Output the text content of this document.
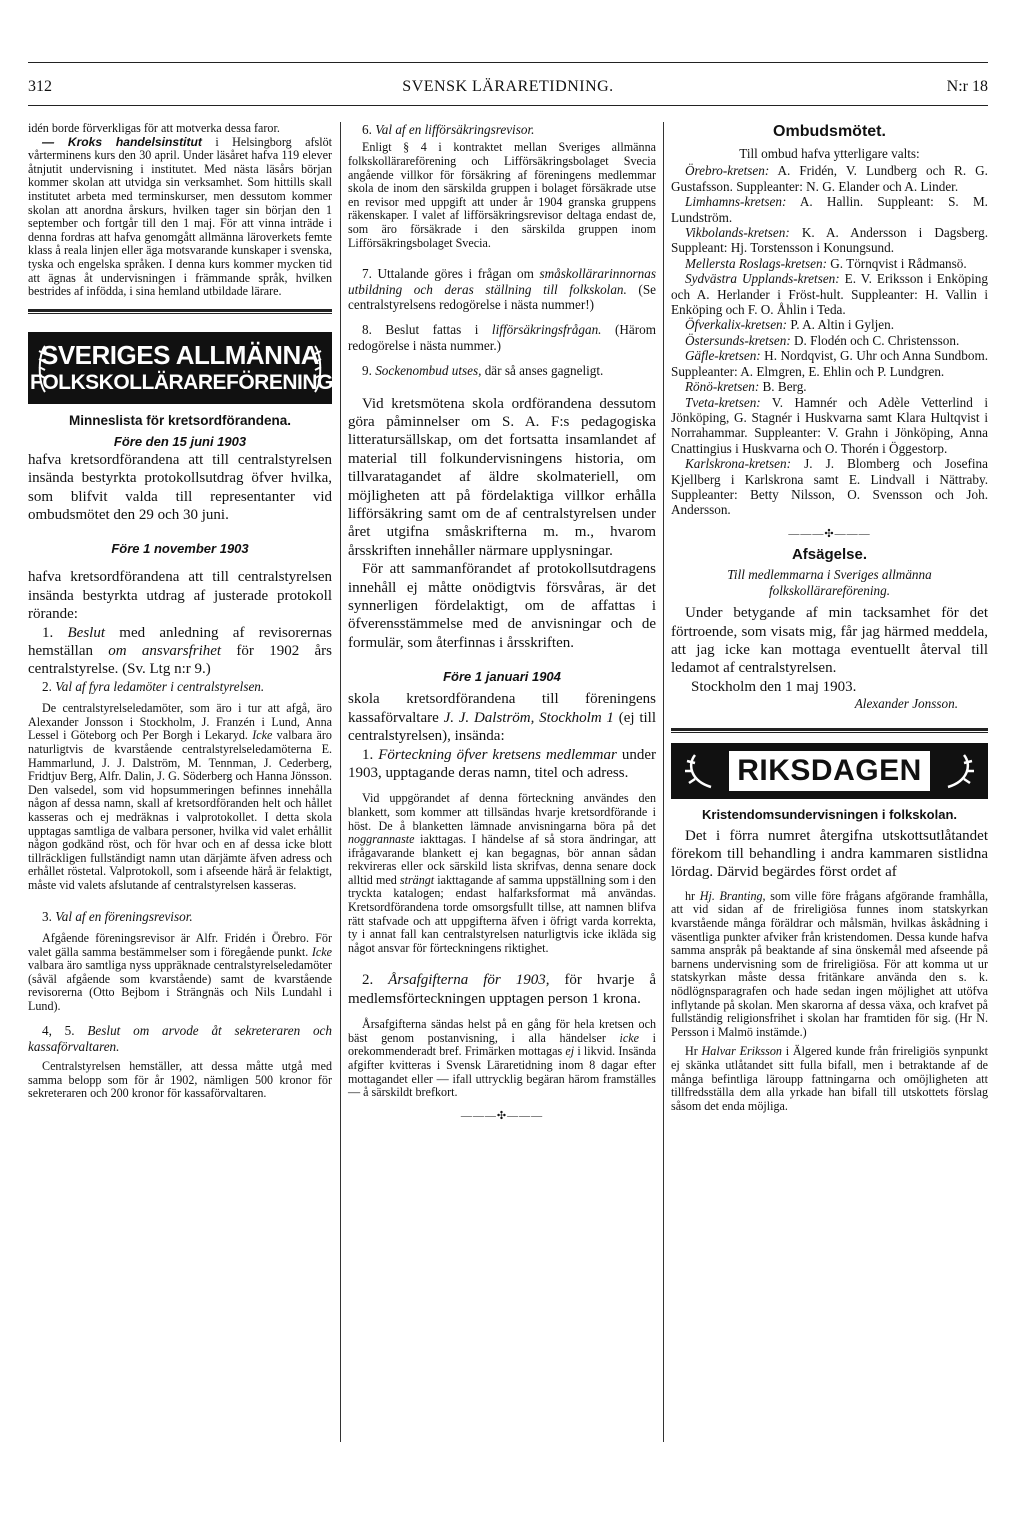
312	SVENSK LÄRARETIDNING.	N:r 18

idén borde förverkligas för att motverka dessa faror.

— Kroks handelsinstitut i Helsingborg afslöt vårterminens kurs den 30 april. Under läsåret hafva 119 elever åtnjutit undervisning i institutet. Med nästa läsårs början kommer skolan att utvidga sin verksamhet. Som hittills skall institutet arbeta med terminskurser, men dessutom kommer skolan att anordna årskurs, hvilken tager sin början den 1 september och fortgår till den 1 maj. För att vinna inträde i denna fordras att hafva genomgått allmänna läroverkets femte klass å reala linjen eller äga motsvarande kunskaper i svenska, tyska och engelska språken. I denna kurs kommer mycken tid att ägnas åt undervisningen i främmande språk, hvilken bestrides af infödda, i sina hemland utbildade lärare.

SVERIGES ALLMÄNNA
FOLKSKOLLÄRAREFÖRENING

Minneslista för kretsordförandena.

Före den 15 juni 1903

hafva kretsordförandena att till centralstyrelsen insända bestyrkta protokollsutdrag öfver hvilka, som blifvit valda till representanter vid ombudsmötet den 29 och 30 juni.

Före 1 november 1903

hafva kretsordförandena att till centralstyrelsen insända bestyrkta utdrag af justerade protokoll rörande:

1. Beslut med anledning af revisorernas hemställan om ansvarsfrihet för 1902 års centralstyrelse. (Sv. Ltg n:r 9.)

2. Val af fyra ledamöter i centralstyrelsen.

De centralstyrelseledamöter, som äro i tur att afgå, äro Alexander Jonsson i Stockholm, J. Franzén i Lund, Anna Lessel i Göteborg och Per Borgh i Lekaryd. Icke valbara äro naturligtvis de kvarstående centralstyrelseledamöterna E. Hammarlund, J. J. Dalström, M. Tennman, J. Cederberg, Fridtjuv Berg, Alfr. Dalin, J. G. Söderberg och Hanna Jönsson. Den valsedel, som vid hopsummeringen befinnes innehålla någon af dessa namn, skall af kretsordföranden helt och hållet kasseras och ej medräknas i valprotokollet. I detta skola upptagas samtliga de valbara personer, hvilka vid valet erhållit någon godkänd röst, och för hvar och en af dessa icke blott tillräckligen fullständigt namn utan därjämte äfven adress och erhållet röstetal. Valprotokoll, som i afseende härå är felaktigt, måste vid valets afslutande af centralstyrelsen kasseras.

3. Val af en föreningsrevisor.

Afgående föreningsrevisor är Alfr. Fridén i Örebro. För valet gälla samma bestämmelser som i föregående punkt. Icke valbara äro samtliga nyss uppräknade centralstyrelseledamöter (såväl afgående som kvarstående) samt de kvarstående revisorerna (Otto Bejbom i Strängnäs och Nils Lundahl i Lund).

4, 5. Beslut om arvode åt sekreteraren och kassaförvaltaren.

Centralstyrelsen hemställer, att dessa måtte utgå med samma belopp som för år 1902, nämligen 500 kronor för sekreteraren och 200 kronor för kassaförvaltaren.

6. Val af en lifförsäkringsrevisor.

Enligt § 4 i kontraktet mellan Sveriges allmänna folkskollärareförening och Lifförsäkringsbolaget Svecia angående villkor för försäkring af föreningens medlemmar skola de inom den särskilda gruppen i bolaget försäkrade utse en revisor med uppgift att under år 1904 granska gruppens räkenskaper. I valet af lifförsäkringsrevisor deltaga endast de, som äro försäkrade i den särskilda gruppen inom Lifförsäkringsbolaget Svecia.

7. Uttalande göres i frågan om småskollärarinnornas utbildning och deras ställning till folkskolan. (Se centralstyrelsens redogörelse i nästa nummer!)

8. Beslut fattas i lifförsäkringsfrågan. (Härom redogörelse i nästa nummer.)

9. Sockenombud utses, där så anses gagneligt.

Vid kretsmötena skola ordförandena dessutom göra påminnelser om S. A. F:s pedagogiska litteratursällskap, om det fortsatta insamlandet af material till folkundervisningens historia, om tillvaratagandet af äldre skolmateriell, om möjligheten att på fördelaktiga villkor erhålla lifförsäkring samt om de af centralstyrelsen under året utgifna småskrifterna m. m., hvarom årsskriften innehåller närmare upplysningar.

För att sammanförandet af protokollsutdragens innehåll ej måtte onödigtvis försvåras, är det synnerligen fördelaktigt, om de affattas i öfverensstämmelse med de anvisningar och de formulär, som återfinnas i årsskriften.

Före 1 januari 1904

skola kretsordförandena till föreningens kassaförvaltare J. J. Dalström, Stockholm 1 (ej till centralstyrelsen), insända:

1. Förteckning öfver kretsens medlemmar under 1903, upptagande deras namn, titel och adress.

Vid uppgörandet af denna förteckning användes den blankett, som kommer att tillsändas hvarje kretsordförande i höst. De å blanketten lämnade anvisningarna böra på det noggrannaste iakttagas. I händelse af så stora ändringar, att ifrågavarande blankett ej kan begagnas, bör annan sådan rekvireras eller ock särskild lista skrifvas, denna senare dock alltid med strängt iakttagande af samma uppställning som i den tryckta katalogen; endast halfarksformat må användas. Kretsordförandena torde omsorgsfullt tillse, att namnen blifva rätt stafvade och att uppgifterna äfven i öfrigt varda korrekta, ty i annat fall kan centralstyrelsen naturligtvis icke ikläda sig något ansvar för förteckningens riktighet.

2. Årsafgifterna för 1903, för hvarje å medlemsförteckningen upptagen person 1 krona.

Årsafgifterna sändas helst på en gång för hela kretsen och bäst genom postanvisning, i alla händelser icke i orekommenderadt bref. Frimärken mottagas ej i likvid. Insända afgifter kvitteras i Svensk Läraretidning inom 8 dagar efter mottagandet eller — ifall uttrycklig begäran härom framställes — å särskildt brefkort.

———✣———

Ombudsmötet.

Till ombud hafva ytterligare valts:

Örebro-kretsen: A. Fridén, V. Lundberg och R. G. Gustafsson. Suppleanter: N. G. Elander och A. Linder.

Limhamns-kretsen: A. Hallin. Suppleant: S. M. Lundström.

Vikbolands-kretsen: K. A. Andersson i Dagsberg. Suppleant: Hj. Torstensson i Konungsund.

Mellersta Roslags-kretsen: G. Törnqvist i Rådmansö.

Sydvästra Upplands-kretsen: E. V. Eriksson i Enköping och A. Herlander i Fröst-hult. Suppleanter: H. Vallin i Enköping och F. O. Åhlin i Teda.

Öfverkalix-kretsen: P. A. Altin i Gyljen.

Östersunds-kretsen: D. Flodén och C. Christensson.

Gäfle-kretsen: H. Nordqvist, G. Uhr och Anna Sundbom. Suppleanter: A. Elmgren, E. Ehlin och P. Lundgren.

Rönö-kretsen: B. Berg.

Tveta-kretsen: V. Hamnér och Adèle Vetterlind i Jönköping, G. Stagnér i Huskvarna samt Klara Hultqvist i Norrahammar. Suppleanter: V. Grahn i Jönköping, Anna Cnattingius i Huskvarna och O. Thorén i Öggestorp.

Karlskrona-kretsen: J. J. Blomberg och Josefina Kjellberg i Karlskrona samt E. Lindvall i Nättraby. Suppleanter: Betty Nilsson, O. Svensson och Joh. Andersson.

———✣———

Afsägelse.

Till medlemmarna i Sveriges allmänna folkskollärareförening.

Under betygande af min tacksamhet för det förtroende, som visats mig, får jag härmed meddela, att jag icke kan mottaga eventuellt återval till ledamot af centralstyrelsen.

Stockholm den 1 maj 1903.

Alexander Jonsson.

RIKSDAGEN

Kristendomsundervisningen i folkskolan.

Det i förra numret återgifna utskottsutlåtandet förekom till behandling i andra kammaren sistlidna lördag. Därvid begärdes först ordet af

hr Hj. Branting, som ville före frågans afgörande framhålla, att vid sidan af de frireligiösa funnes inom statskyrkan kvarstående många föräldrar och målsmän, hvilkas åskådning i väsentliga punkter afviker från kristendomen. Dessa kunde hafva samma anspråk på beaktande af sina önskemål med afseende på barnens undervisning som de frireligiösa. För att komma ut ur statskyrkan måste dessa fritänkare använda den s. k. nödlögnsparagrafen och hade sedan ingen möjlighet att utöfva inflytande på skolan. Men skarorna af dessa växa, och krafvet på fullständig religionsfrihet i skolan har framtiden för sig. (Hr N. Persson i Malmö instämde.)

Hr Halvar Eriksson i Älgered kunde från frireligiös synpunkt ej skänka utlåtandet sitt fulla bifall, men i betraktande af de många befintliga läroupp fattningarna och omöjligheten att tillfredsställa dem alla yrkade han bifall till utskottets förslag såsom det enda möjliga.
